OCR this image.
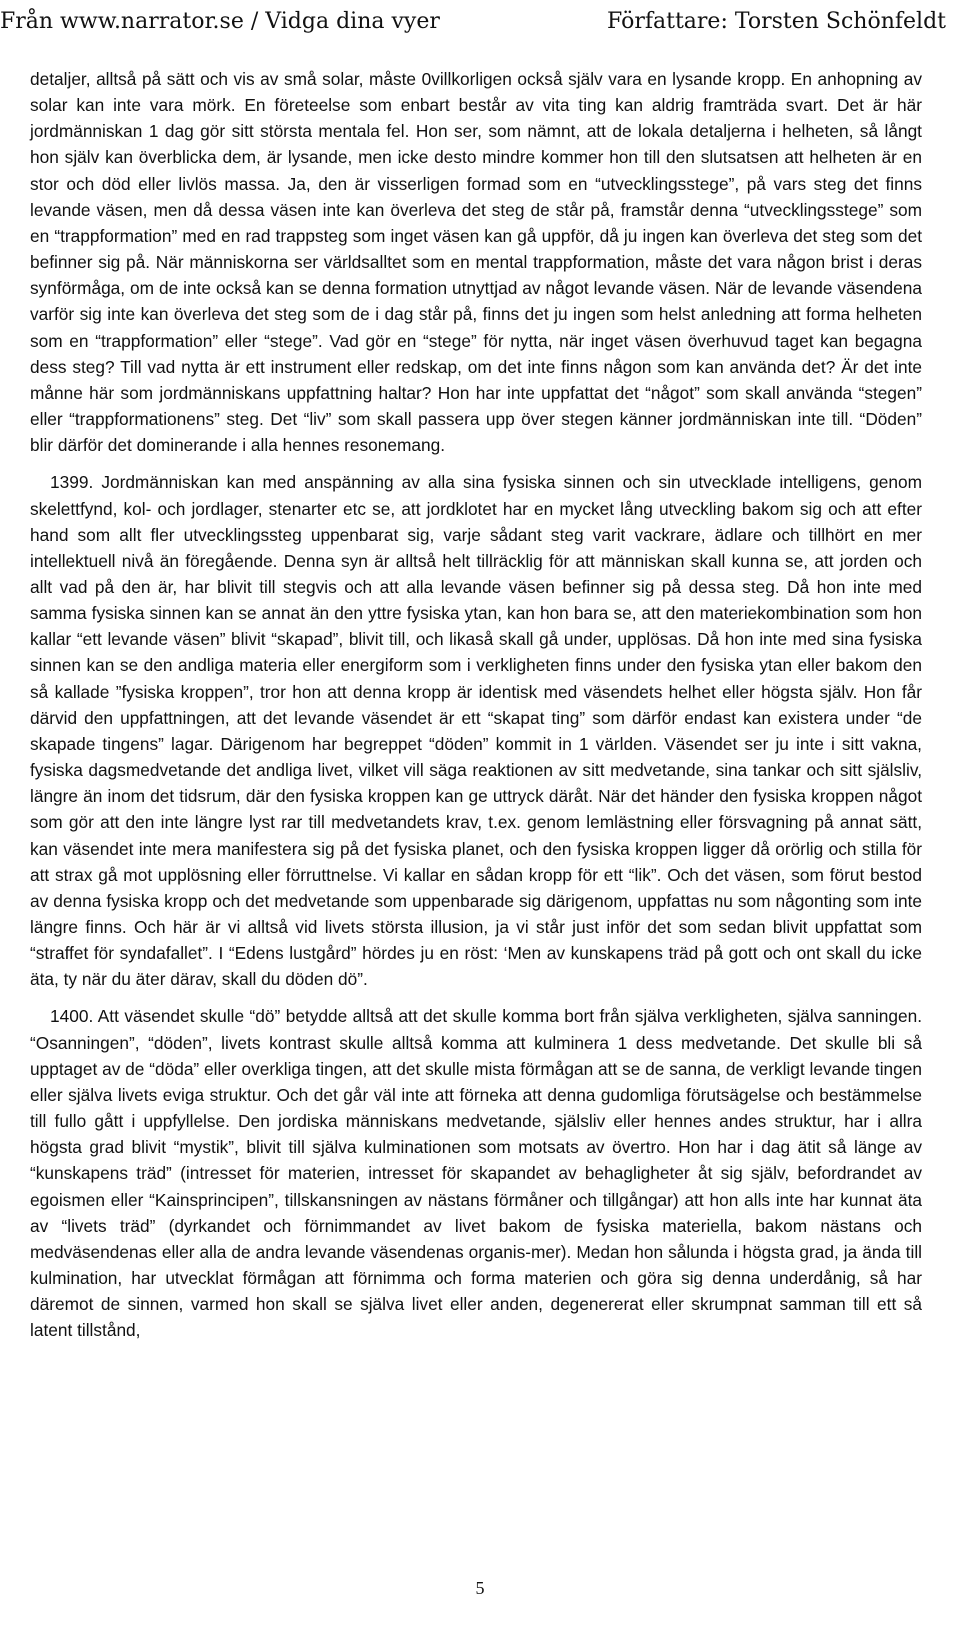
Från www.narrator.se / Vidga dina vyer	Författare: Torsten Schönfeldt

detaljer, alltså på sätt och vis av små solar, måste 0villkorligen också själv vara en lysande kropp. En anhopning av solar kan inte vara mörk. En företeelse som enbart består av vita ting kan aldrig framträda svart. Det är här jordmänniskan 1 dag gör sitt största mentala fel. Hon ser, som nämnt, att de lokala detaljerna i helheten, så långt hon själv kan överblicka dem, är lysande, men icke desto mindre kommer hon till den slutsatsen att helheten är en stor och död eller livlös massa. Ja, den är visserligen formad som en “utvecklingsstege”, på vars steg det finns levande väsen, men då dessa väsen inte kan överleva det steg de står på, framstår denna “utvecklingsstege” som en “trappformation” med en rad trappsteg som inget väsen kan gå uppför, då ju ingen kan överleva det steg som det befinner sig på. När människorna ser världsalltet som en mental trappformation, måste det vara någon brist i deras synförmåga, om de inte också kan se denna formation utnyttjad av något levande väsen. När de levande väsendena varför sig inte kan överleva det steg som de i dag står på, finns det ju ingen som helst anledning att forma helheten som en “trappformation” eller “stege”. Vad gör en “stege” för nytta, när inget väsen överhuvud taget kan begagna dess steg? Till vad nytta är ett instrument eller redskap, om det inte finns någon som kan använda det? Är det inte månne här som jordmänniskans uppfattning haltar? Hon har inte uppfattat det “något” som skall använda “stegen” eller “trappformationens” steg. Det “liv” som skall passera upp över stegen känner jordmänniskan inte till. “Döden” blir därför det dominerande i alla hennes resonemang.

1399. Jordmänniskan kan med anspänning av alla sina fysiska sinnen och sin utvecklade intelligens, genom skelettfynd, kol- och jordlager, stenarter etc se, att jordklotet har en mycket lång utveckling bakom sig och att efter hand som allt fler utvecklingssteg uppenbarat sig, varje sådant steg varit vackrare, ädlare och tillhört en mer intellektuell nivå än föregående. Denna syn är alltså helt tillräcklig för att människan skall kunna se, att jorden och allt vad på den är, har blivit till stegvis och att alla levande väsen befinner sig på dessa steg. Då hon inte med samma fysiska sinnen kan se annat än den yttre fysiska ytan, kan hon bara se, att den materiekombination som hon kallar “ett levande väsen” blivit “skapad”, blivit till, och likaså skall gå under, upplösas. Då hon inte med sina fysiska sinnen kan se den andliga materia eller energiform som i verkligheten finns under den fysiska ytan eller bakom den så kallade ”fysiska kroppen”, tror hon att denna kropp är identisk med väsendets helhet eller högsta själv. Hon får därvid den uppfattningen, att det levande väsendet är ett “skapat ting” som därför endast kan existera under “de skapade tingens” lagar. Därigenom har begreppet “döden” kommit in 1 världen. Väsendet ser ju inte i sitt vakna, fysiska dagsmedvetande det andliga livet, vilket vill säga reaktionen av sitt medvetande, sina tankar och sitt själsliv, längre än inom det tidsrum, där den fysiska kroppen kan ge uttryck däråt. När det händer den fysiska kroppen något som gör att den inte längre lyst rar till medvetandets krav, t.ex. genom lemlästning eller försvagning på annat sätt, kan väsendet inte mera manifestera sig på det fysiska planet, och den fysiska kroppen ligger då orörlig och stilla för att strax gå mot upplösning eller förruttnelse. Vi kallar en sådan kropp för ett “lik”. Och det väsen, som förut bestod av denna fysiska kropp och det medvetande som uppenbarade sig därigenom, uppfattas nu som någonting som inte längre finns. Och här är vi alltså vid livets största illusion, ja vi står just inför det som sedan blivit uppfattat som “straffet för syndafallet”. I “Edens lustgård” hördes ju en röst: ‘Men av kunskapens träd på gott och ont skall du icke äta, ty när du äter därav, skall du döden dö”.

1400. Att väsendet skulle “dö” betydde alltså att det skulle komma bort från själva verkligheten, själva sanningen. “Osanningen”, “döden”, livets kontrast skulle alltså komma att kulminera 1 dess medvetande. Det skulle bli så upptaget av de “döda” eller overkliga tingen, att det skulle mista förmågan att se de sanna, de verkligt levande tingen eller själva livets eviga struktur. Och det går väl inte att förneka att denna gudomliga förutsägelse och bestämmelse till fullo gått i uppfyllelse. Den jordiska människans medvetande, själsliv eller hennes andes struktur, har i allra högsta grad blivit “mystik”, blivit till själva kulminationen som motsats av övertro. Hon har i dag ätit så länge av “kunskapens träd” (intresset för materien, intresset för skapandet av behagligheter åt sig själv, befordrandet av egoismen eller “Kainsprincipen”, tillskansningen av nästans förmåner och tillgångar) att hon alls inte har kunnat äta av “livets träd” (dyrkandet och förnimmandet av livet bakom de fysiska materiella, bakom nästans och medväsendenas eller alla de andra levande väsendenas organis-mer). Medan hon sålunda i högsta grad, ja ända till kulmination, har utvecklat förmågan att förnimma och forma materien och göra sig denna underdånig, så har däremot de sinnen, varmed hon skall se själva livet eller anden, degenererat eller skrumpnat samman till ett så latent tillstånd,

5
